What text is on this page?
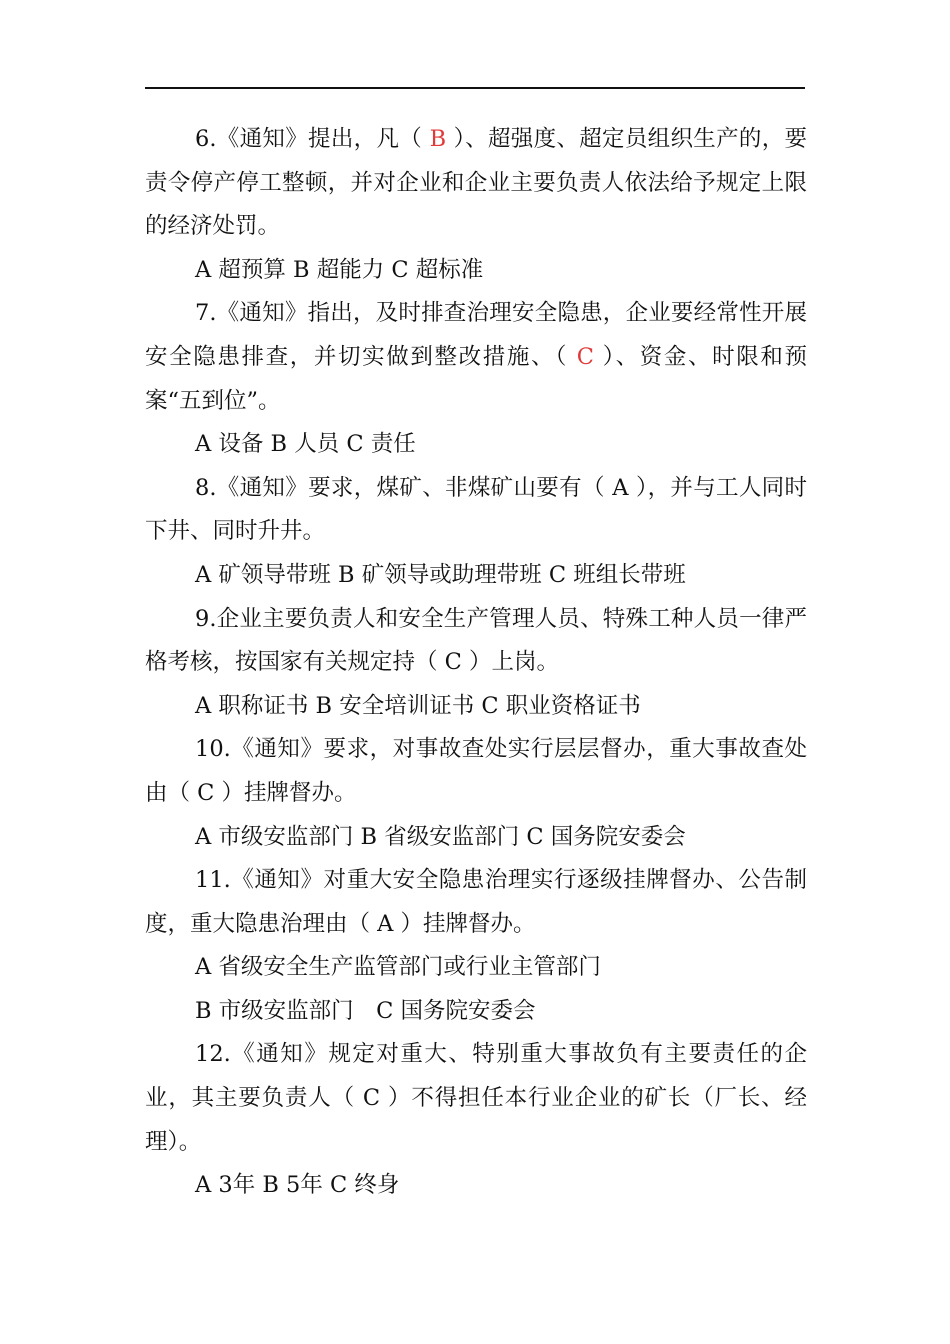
6.《通知》提出，凡（ B ）、超强度、超定员组织生产的，要责令停产停工整顿，并对企业和企业主要负责人依法给予规定上限的经济处罚。

A 超预算 B 超能力 C 超标准

7.《通知》指出，及时排查治理安全隐患，企业要经常性开展安全隐患排查，并切实做到整改措施、（ C ）、资金、时限和预案“五到位”。

A 设备 B 人员 C 责任

8.《通知》要求，煤矿、非煤矿山要有（ A ），并与工人同时下井、同时升井。

A 矿领导带班 B 矿领导或助理带班 C 班组长带班

9.企业主要负责人和安全生产管理人员、特殊工种人员一律严格考核，按国家有关规定持（ C ）上岗。

A 职称证书 B 安全培训证书 C 职业资格证书

10.《通知》要求，对事故查处实行层层督办，重大事故查处由（ C ）挂牌督办。

A 市级安监部门 B 省级安监部门 C 国务院安委会

11.《通知》对重大安全隐患治理实行逐级挂牌督办、公告制度，重大隐患治理由（ A ）挂牌督办。

A 省级安全生产监管部门或行业主管部门

B 市级安监部门　C 国务院安委会

12.《通知》规定对重大、特别重大事故负有主要责任的企业，其主要负责人（ C ）不得担任本行业企业的矿长（厂长、经理）。

A 3年 B 5年 C 终身
